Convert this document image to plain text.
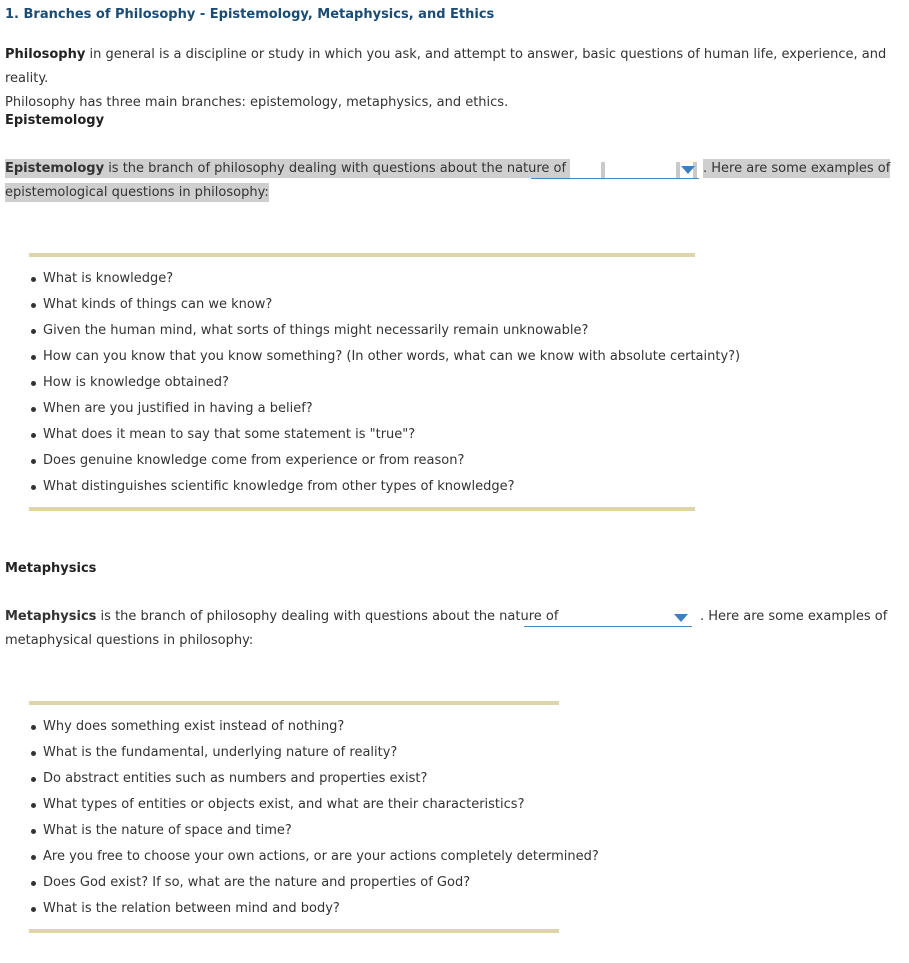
1. Branches of Philosophy - Epistemology, Metaphysics, and Ethics
Philosophy in general is a discipline or study in which you ask, and attempt to answer, basic questions of human life, experience, and reality.
Philosophy has three main branches: epistemology, metaphysics, and ethics.
Epistemology
Epistemology is the branch of philosophy dealing with questions about the nature of	. Here are some examples of
epistemological questions in philosophy:
What is knowledge?
What kinds of things can we know?
Given the human mind, what sorts of things might necessarily remain unknowable?
How can you know that you know something? (In other words, what can we know with absolute certainty?)
How is knowledge obtained?
When are you justified in having a belief?
What does it mean to say that some statement is "true"?
Does genuine knowledge come from experience or from reason?
What distinguishes scientific knowledge from other types of knowledge?
Metaphysics
Metaphysics is the branch of philosophy dealing with questions about the nature of	. Here are some examples of
metaphysical questions in philosophy:
Why does something exist instead of nothing?
What is the fundamental, underlying nature of reality?
Do abstract entities such as numbers and properties exist?
What types of entities or objects exist, and what are their characteristics?
What is the nature of space and time?
Are you free to choose your own actions, or are your actions completely determined?
Does God exist? If so, what are the nature and properties of God?
What is the relation between mind and body?
